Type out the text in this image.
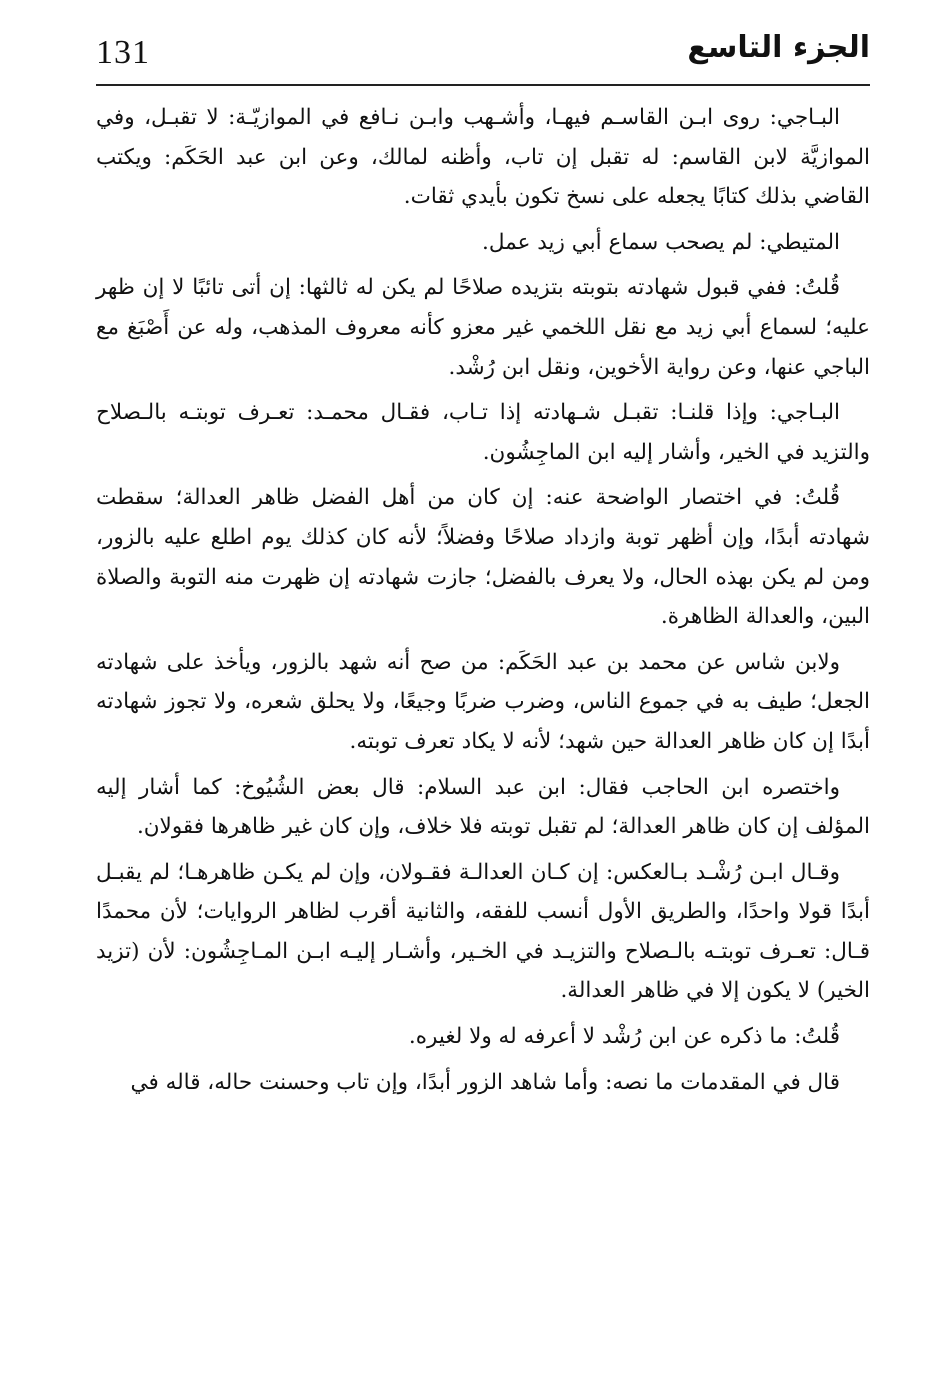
131	الجزء التاسع

البـاجي: روى ابـن القاسـم فيهـا، وأشـهب وابـن نـافع في الموازيّـة: لا تقبـل، وفي الموازيَّة لابن القاسم: له تقبل إن تاب، وأظنه لمالك، وعن ابن عبد الحَكَم: ويكتب القاضي بذلك كتابًا يجعله على نسخ تكون بأيدي ثقات.

المتيطي: لم يصحب سماع أبي زيد عمل.

قُلتُ: ففي قبول شهادته بتوبته بتزيده صلاحًا لم يكن له ثالثها: إن أتى تائبًا لا إن ظهر عليه؛ لسماع أبي زيد مع نقل اللخمي غير معزو كأنه معروف المذهب، وله عن أَصْبَغ مع الباجي عنها، وعن رواية الأخوين، ونقل ابن رُشْد.

البـاجي: وإذا قلنـا: تقبـل شـهادته إذا تـاب، فقـال محمـد: تعـرف توبتـه بالـصلاح والتزيد في الخير، وأشار إليه ابن الماجِشُون.

قُلتُ: في اختصار الواضحة عنه: إن كان من أهل الفضل ظاهر العدالة؛ سقطت شهادته أبدًا، وإن أظهر توبة وازداد صلاحًا وفضلاً؛ لأنه كان كذلك يوم اطلع عليه بالزور، ومن لم يكن بهذه الحال، ولا يعرف بالفضل؛ جازت شهادته إن ظهرت منه التوبة والصلاة البين، والعدالة الظاهرة.

ولابن شاس عن محمد بن عبد الحَكَم: من صح أنه شهد بالزور، ويأخذ على شهادته الجعل؛ طيف به في جموع الناس، وضرب ضربًا وجيعًا، ولا يحلق شعره، ولا تجوز شهادته أبدًا إن كان ظاهر العدالة حين شهد؛ لأنه لا يكاد تعرف توبته.

واختصره ابن الحاجب فقال: ابن عبد السلام: قال بعض الشُيُوخ: كما أشار إليه المؤلف إن كان ظاهر العدالة؛ لم تقبل توبته فلا خلاف، وإن كان غير ظاهرها فقولان.

وقـال ابـن رُشْـد بـالعكس: إن كـان العدالـة فقـولان، وإن لم يكـن ظاهرهـا؛ لم يقبـل أبدًا قولا واحدًا، والطريق الأول أنسب للفقه، والثانية أقرب لظاهر الروايات؛ لأن محمدًا قـال: تعـرف توبتـه بالـصلاح والتزيـد في الخـير، وأشـار إليـه ابـن المـاجِشُون: لأن (تزيد الخير) لا يكون إلا في ظاهر العدالة.

قُلتُ: ما ذكره عن ابن رُشْد لا أعرفه له ولا لغيره.

قال في المقدمات ما نصه: وأما شاهد الزور أبدًا، وإن تاب وحسنت حاله، قاله في
